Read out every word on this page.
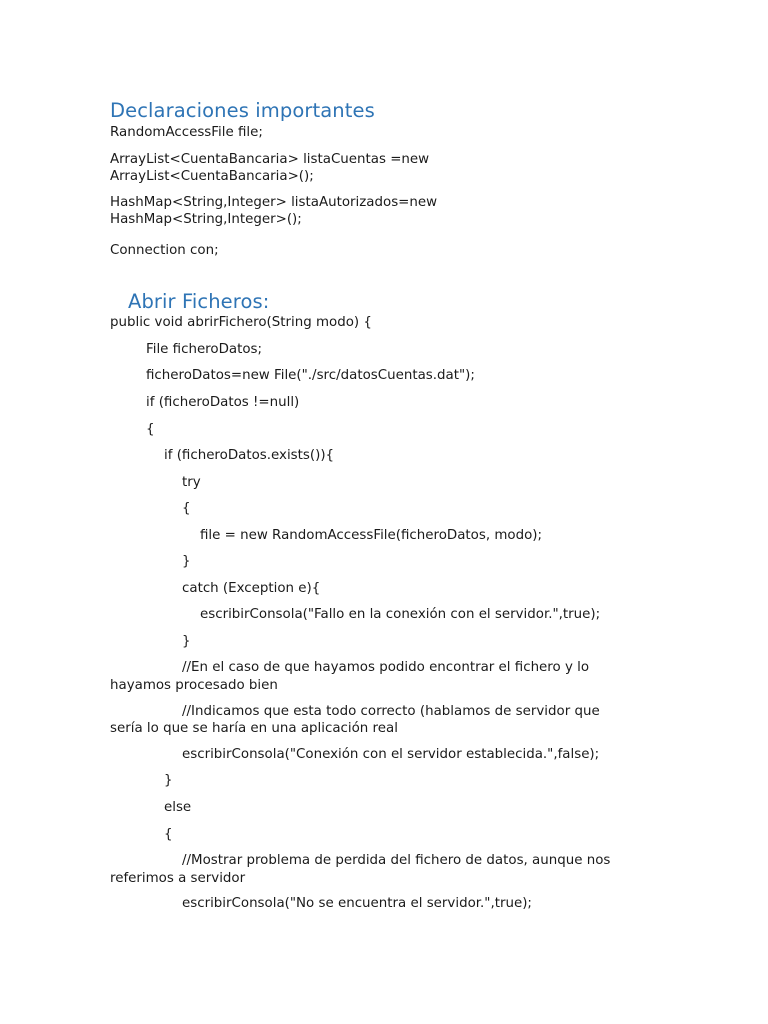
Declaraciones importantes

RandomAccessFile file;

ArrayList<CuentaBancaria> listaCuentas =new

ArrayList<CuentaBancaria>();

HashMap<String,Integer> listaAutorizados=new

HashMap<String,Integer>();

Connection con;

Abrir Ficheros:

public void abrirFichero(String modo) {

File ficheroDatos;

ficheroDatos=new File("./src/datosCuentas.dat");

if (ficheroDatos !=null)

{

if (ficheroDatos.exists()){

try

{

file = new RandomAccessFile(ficheroDatos, modo);

}

catch (Exception e){

escribirConsola("Fallo en la conexión con el servidor.",true);

}

//En el caso de que hayamos podido encontrar el fichero y lo

hayamos procesado bien

//Indicamos que esta todo correcto (hablamos de servidor que

sería lo que se haría en una aplicación real

escribirConsola("Conexión con el servidor establecida.",false);

}

else

{

//Mostrar problema de perdida del fichero de datos, aunque nos

referimos a servidor

escribirConsola("No se encuentra el servidor.",true);
